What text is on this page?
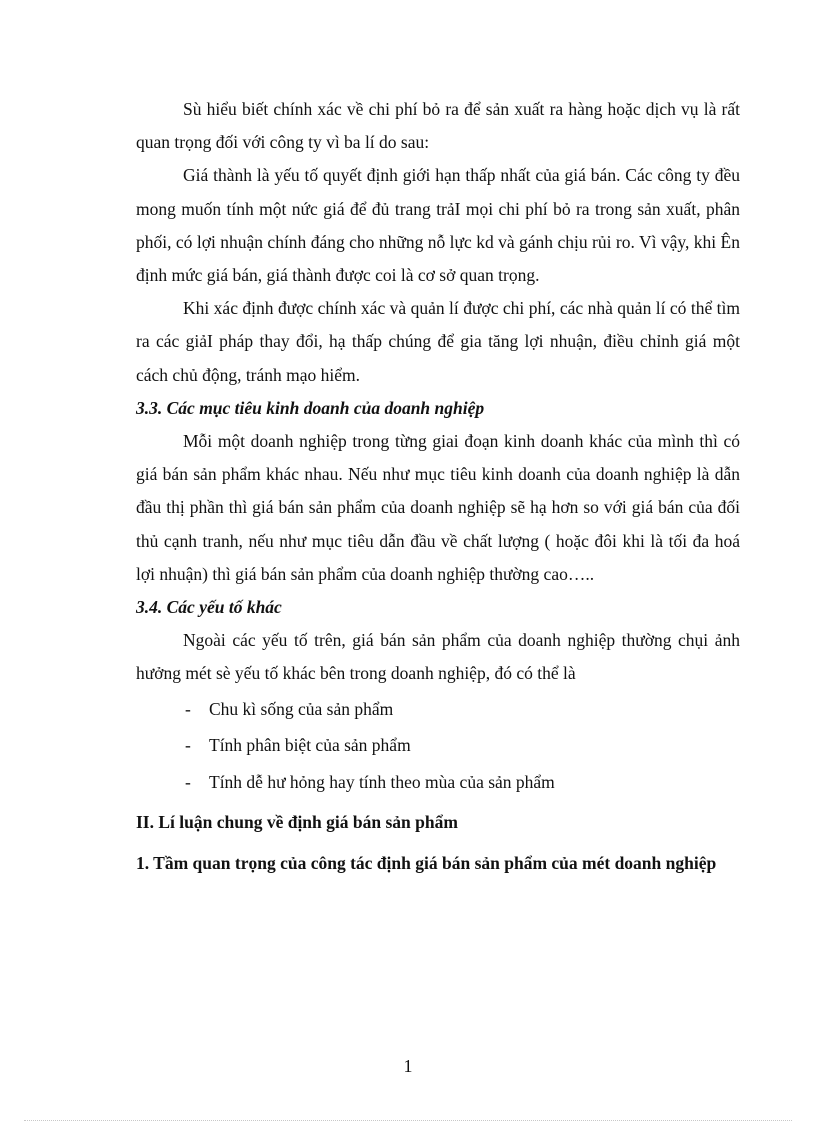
Sù hiểu biết chính xác về chi phí bỏ ra để sản xuất ra hàng hoặc dịch vụ là rất quan trọng đối với công ty vì ba lí do sau:

Giá thành là yếu tố quyết định giới hạn thấp nhất của giá bán. Các công ty đều mong muốn tính một nức giá để đủ trang trảI mọi chi phí bỏ ra trong sản xuất, phân phối, có lợi nhuận chính đáng cho những nỗ lực kd và gánh chịu rủi ro. Vì vậy, khi Ên định mức giá bán, giá thành được coi là cơ sở quan trọng.

Khi xác định được chính xác và quản lí được chi phí, các nhà quản lí có thể tìm ra các giảI pháp thay đổi, hạ thấp chúng để gia tăng lợi nhuận, điều chỉnh giá một cách chủ động, tránh mạo hiểm.

3.3. Các mục tiêu kinh doanh của doanh nghiệp

Mỗi một doanh nghiệp trong từng giai đoạn kinh doanh khác của mình thì có giá bán sản phẩm khác nhau. Nếu như mục tiêu kinh doanh của doanh nghiệp là dẫn đầu thị phần thì giá bán sản phẩm của doanh nghiệp sẽ hạ hơn so với giá bán của đối thủ cạnh tranh, nếu như mục tiêu dẫn đầu về chất lượng ( hoặc đôi khi là tối đa hoá lợi nhuận) thì giá bán sản phẩm của doanh nghiệp thường cao…..

3.4. Các yếu tố khác

Ngoài các yếu tố trên, giá bán sản phẩm của doanh nghiệp thường chụi ảnh hưởng mét sè yếu tố khác bên trong doanh nghiệp, đó có thể là

-	Chu kì sống của sản phẩm
-	Tính phân biệt của sản phẩm
-	Tính dễ hư hỏng hay tính theo mùa của sản phẩm

II. Lí luận chung về định giá bán sản phẩm

1. Tầm quan trọng của công tác định giá bán sản phẩm của mét doanh nghiệp

1
